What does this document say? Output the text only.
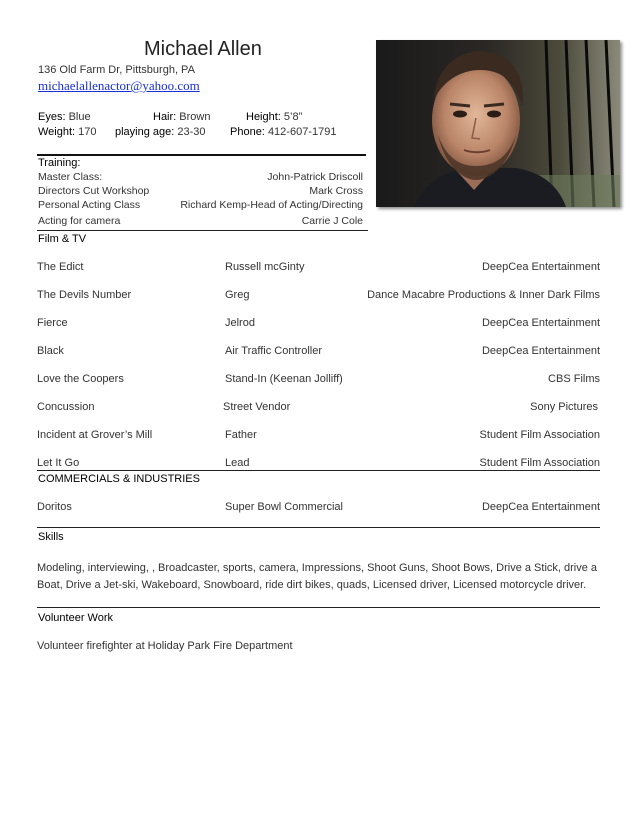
Michael Allen
136 Old Farm Dr, Pittsburgh, PA
michaelallenactor@yahoo.com
Eyes: Blue	Hair: Brown	Height: 5’8”
Weight: 170 playing age: 23-30 Phone: 412-607-1791
Training:
Master Class:	John-Patrick Driscoll
Directors Cut Workshop	Mark Cross
Personal Acting Class	Richard Kemp-Head of Acting/Directing
Acting for camera	Carrie J Cole
Film & TV
The Edict	Russell mcGinty	DeepCea Entertainment
The Devils Number	Greg	Dance Macabre Productions & Inner Dark Films
Fierce	Jelrod	DeepCea Entertainment
Black	Air Traffic Controller	DeepCea Entertainment
Love the Coopers	Stand-In (Keenan Jolliff)	CBS Films
Concussion	Street Vendor	Sony Pictures
Incident at Grover’s Mill	Father	Student Film Association
Let It Go	Lead	Student Film Association
COMMERCIALS & INDUSTRIES
Doritos	Super Bowl Commercial	DeepCea Entertainment
Skills
Modeling, interviewing, , Broadcaster, sports, camera, Impressions, Shoot Guns, Shoot Bows, Drive a Stick, drive a Boat, Drive a Jet-ski, Wakeboard, Snowboard, ride dirt bikes, quads, Licensed driver, Licensed motorcycle driver.
Volunteer Work
Volunteer firefighter at Holiday Park Fire Department
